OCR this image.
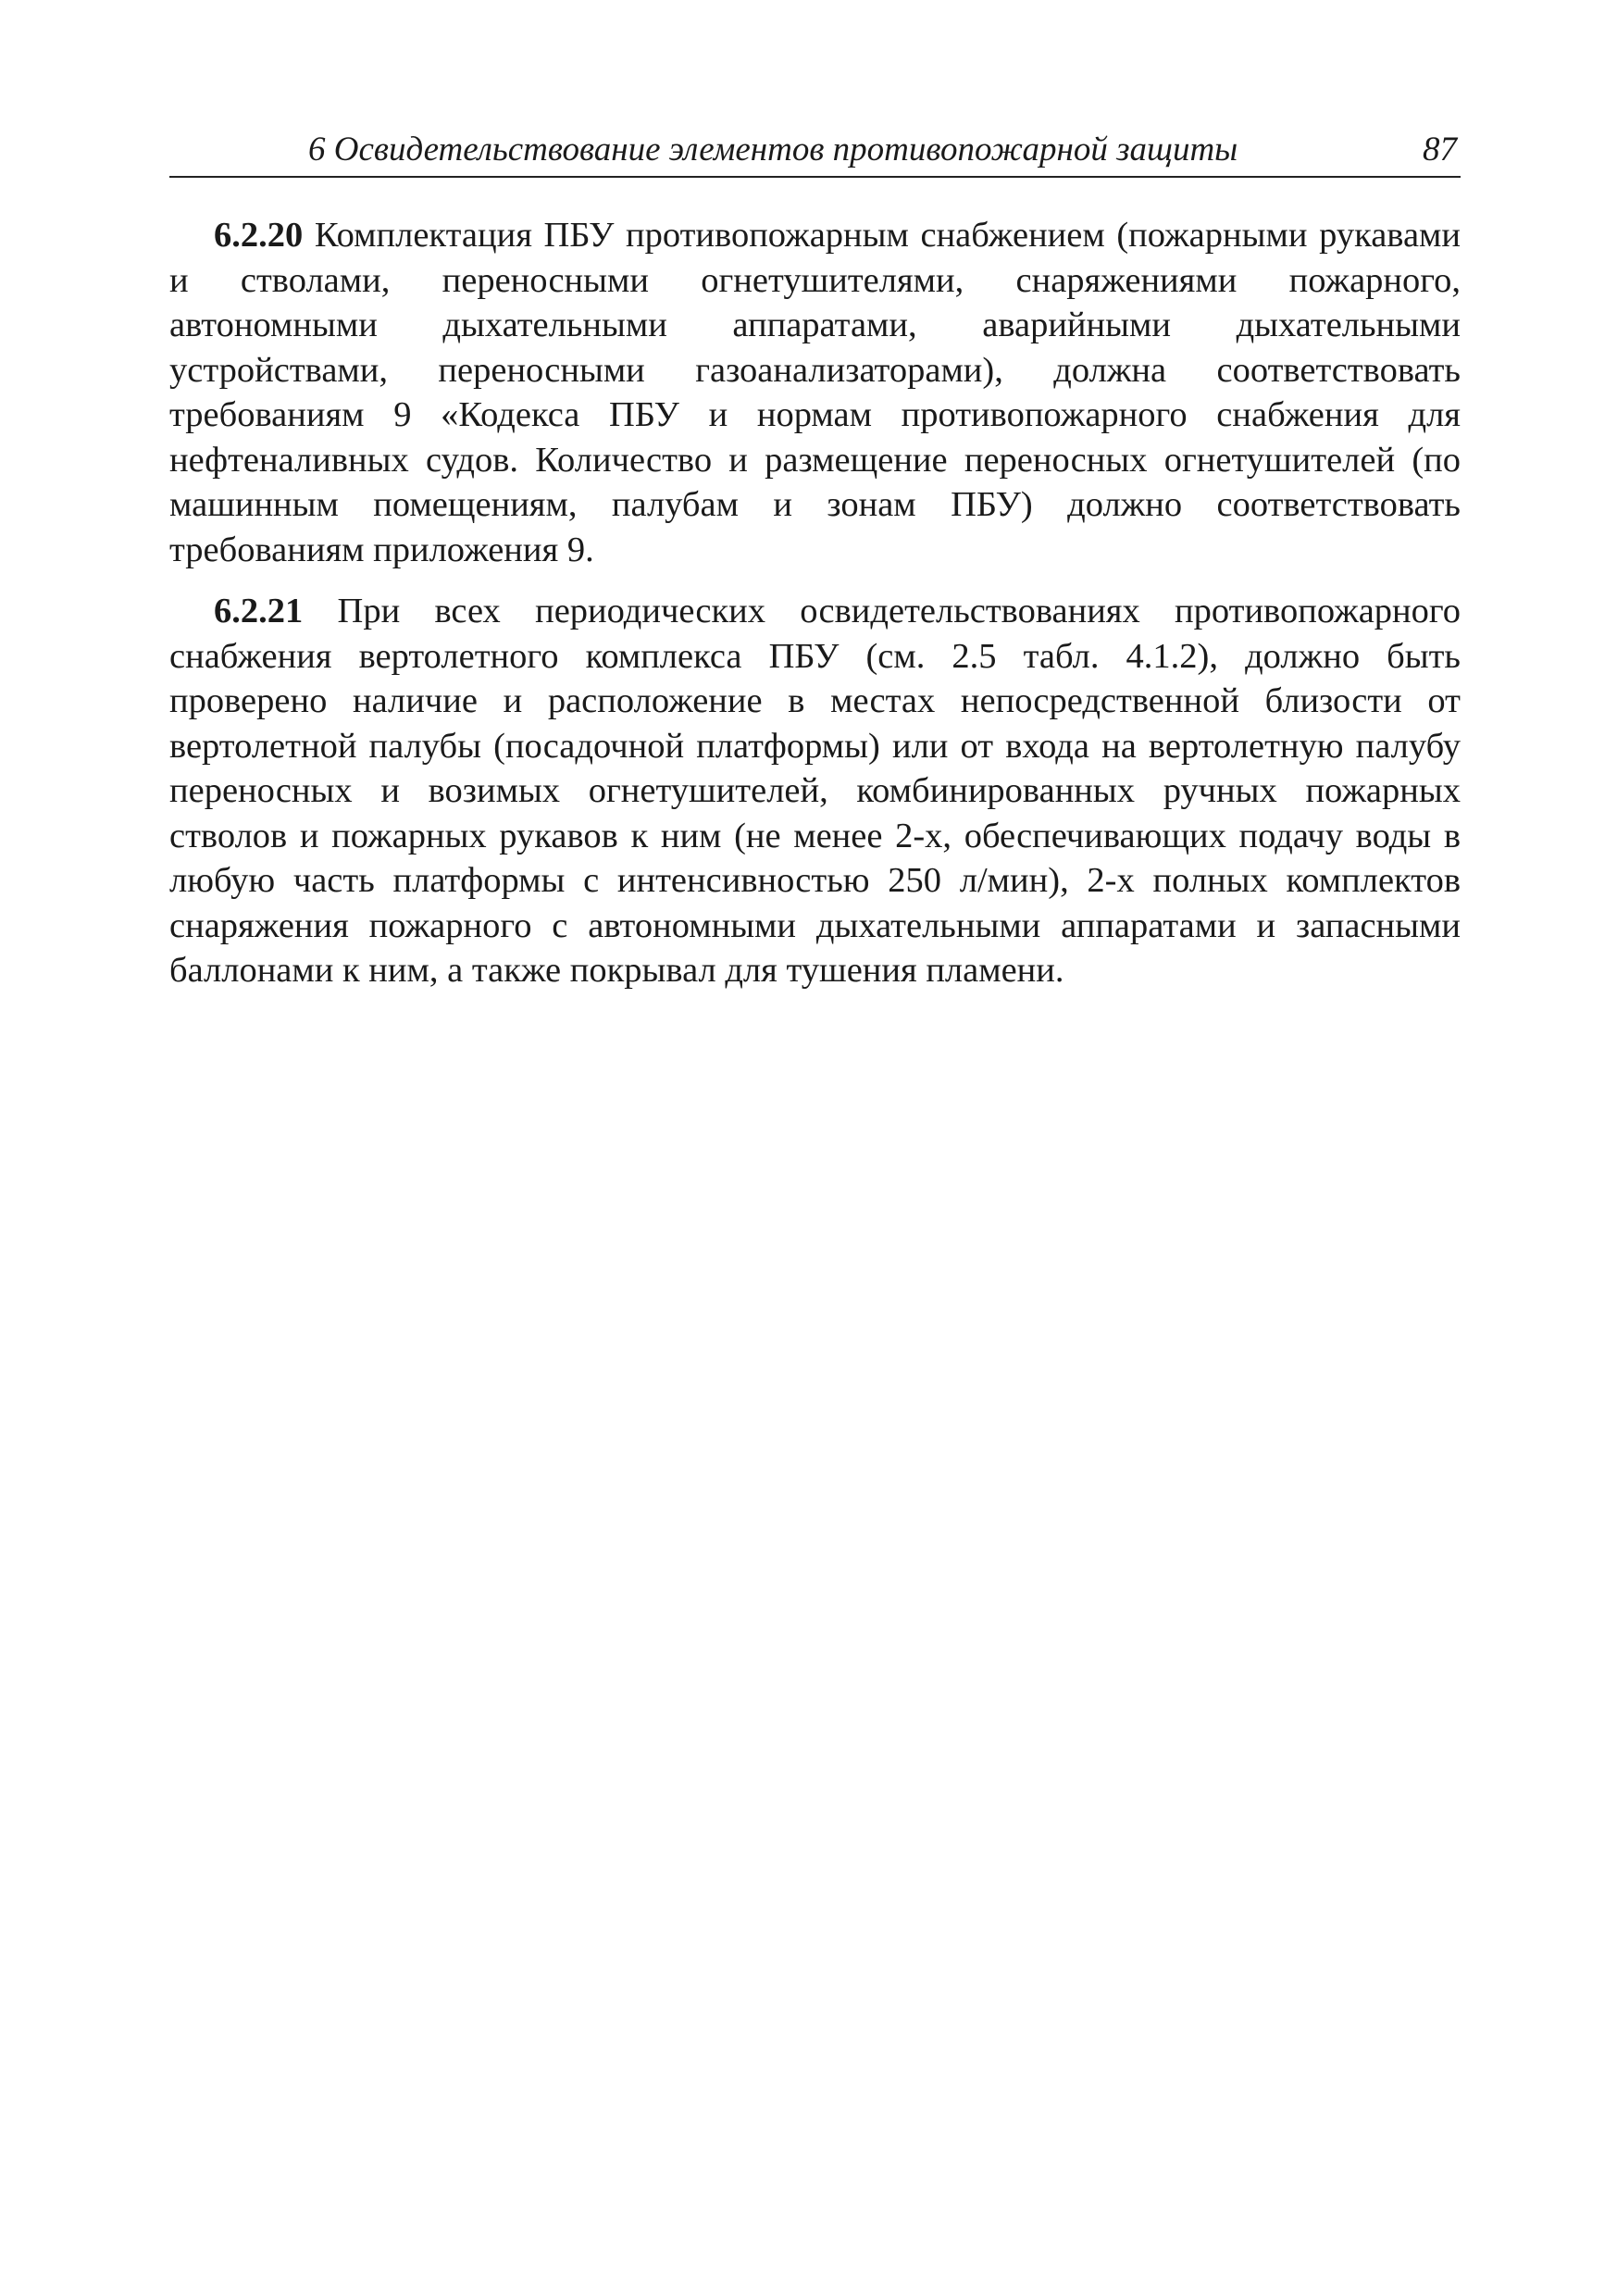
6 Освидетельствование элементов противопожарной защиты	87

6.2.20 Комплектация ПБУ противопожарным снабжением (пожарными рукавами и стволами, переносными огнетушителями, снаряжениями пожарного, автономными дыхательными аппаратами, аварийными дыхательными устройствами, переносными газоанализаторами), должна соответствовать требованиям 9 «Кодекса ПБУ и нормам противопожарного снабжения для нефтеналивных судов. Количество и размещение переносных огнетушителей (по машинным помещениям, палубам и зонам ПБУ) должно соответствовать требованиям приложения 9.

6.2.21 При всех периодических освидетельствованиях противопожарного снабжения вертолетного комплекса ПБУ (см. 2.5 табл. 4.1.2), должно быть проверено наличие и расположение в местах непосредственной близости от вертолетной палубы (посадочной платформы) или от входа на вертолетную палубу переносных и возимых огнетушителей, комбинированных ручных пожарных стволов и пожарных рукавов к ним (не менее 2-х, обеспечивающих подачу воды в любую часть платформы с интенсивностью 250 л/мин), 2-х полных комплектов снаряжения пожарного с автономными дыхательными аппаратами и запасными баллонами к ним, а также покрывал для тушения пламени.
